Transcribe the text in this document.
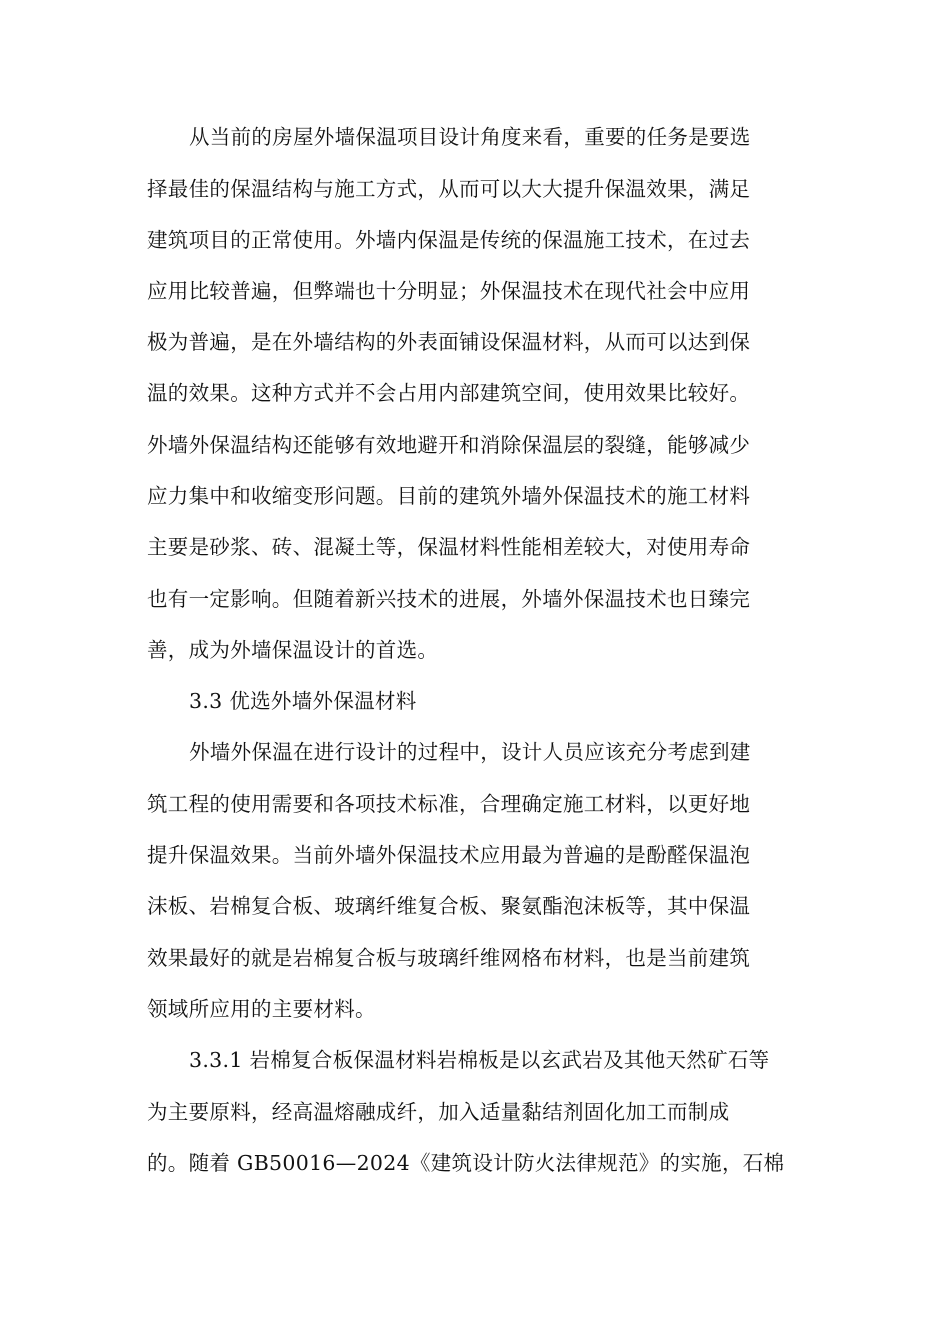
从当前的房屋外墙保温项目设计角度来看，重要的任务是要选
择最佳的保温结构与施工方式，从而可以大大提升保温效果，满足
建筑项目的正常使用。外墙内保温是传统的保温施工技术，在过去
应用比较普遍，但弊端也十分明显；外保温技术在现代社会中应用
极为普遍，是在外墙结构的外表面铺设保温材料，从而可以达到保
温的效果。这种方式并不会占用内部建筑空间，使用效果比较好。
外墙外保温结构还能够有效地避开和消除保温层的裂缝，能够减少
应力集中和收缩变形问题。目前的建筑外墙外保温技术的施工材料
主要是砂浆、砖、混凝土等，保温材料性能相差较大，对使用寿命
也有一定影响。但随着新兴技术的进展，外墙外保温技术也日臻完
善，成为外墙保温设计的首选。
3.3 优选外墙外保温材料
外墙外保温在进行设计的过程中，设计人员应该充分考虑到建
筑工程的使用需要和各项技术标准，合理确定施工材料，以更好地
提升保温效果。当前外墙外保温技术应用最为普遍的是酚醛保温泡
沫板、岩棉复合板、玻璃纤维复合板、聚氨酯泡沫板等，其中保温
效果最好的就是岩棉复合板与玻璃纤维网格布材料，也是当前建筑
领域所应用的主要材料。
3.3.1 岩棉复合板保温材料岩棉板是以玄武岩及其他天然矿石等
为主要原料，经高温熔融成纤，加入适量黏结剂固化加工而制成
的。随着 GB50016—2024《建筑设计防火法律规范》的实施，石棉
